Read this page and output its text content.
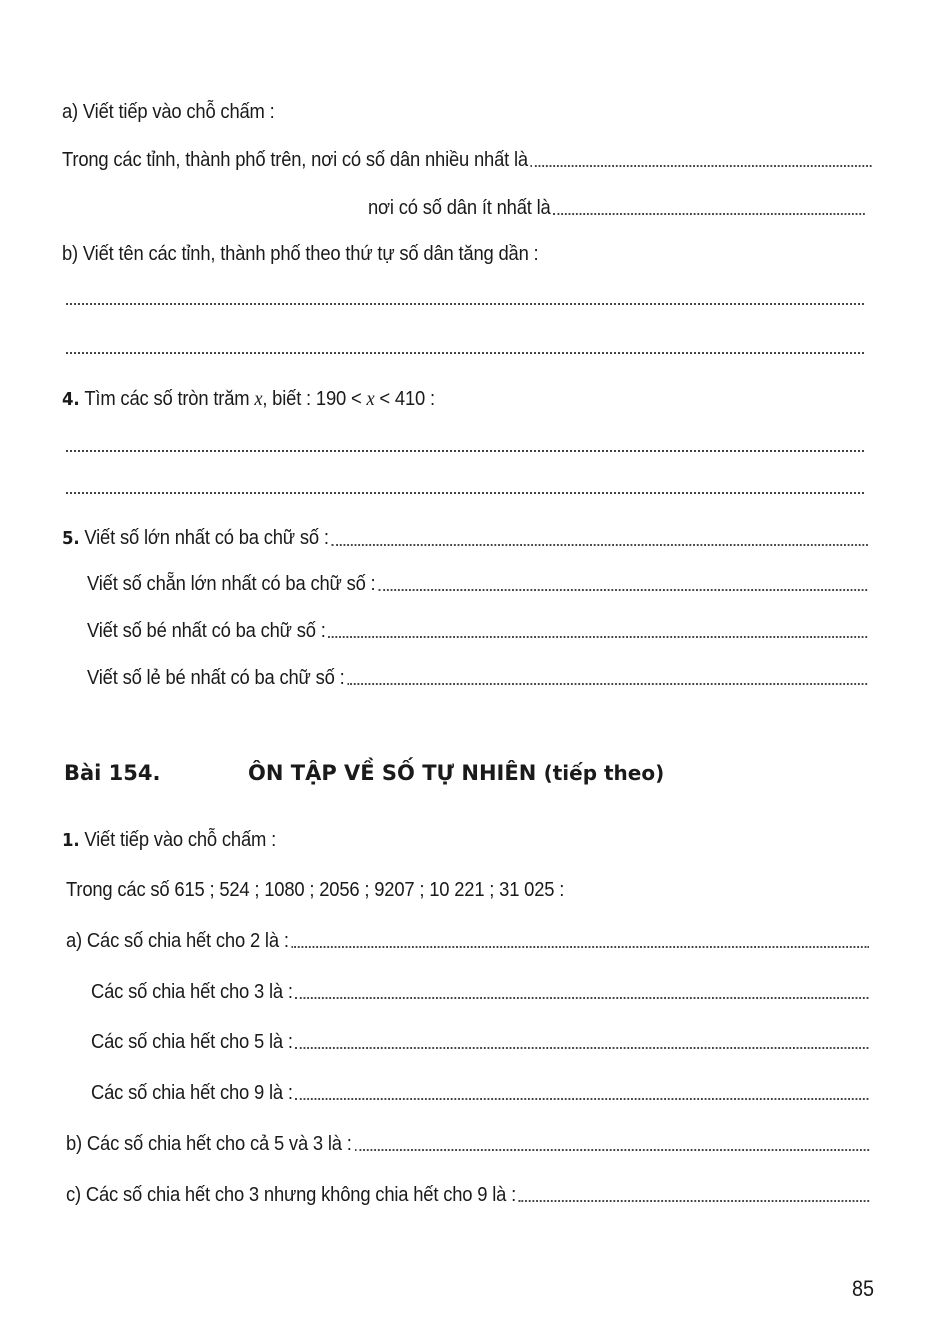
a) Viết tiếp vào chỗ chấm :
Trong các tỉnh, thành phố trên, nơi có số dân nhiều nhất là
nơi có số dân ít nhất là
b) Viết tên các tỉnh, thành phố theo thứ tự số dân tăng dần :
4.
Tìm các số tròn trăm
x , biết : 190 <
x
< 410 :
5.
Viết số lớn nhất có ba chữ số :
Viết số chẵn lớn nhất có ba chữ số :
Viết số bé nhất có ba chữ số :
Viết số lẻ bé nhất có ba chữ số :
Bài 154.	ÔN TẬP VỀ SỐ TỰ NHIÊN (tiếp theo)
1.
Viết tiếp vào chỗ chấm :
Trong các số 615 ; 524 ; 1080 ; 2056 ; 9207 ; 10 221 ; 31 025 :
a) Các số chia hết cho 2 là :
Các số chia hết cho 3 là :
Các số chia hết cho 5 là :
Các số chia hết cho 9 là :
b) Các số chia hết cho cả 5 và 3 là :
c) Các số chia hết cho 3 nhưng không chia hết cho 9 là :
85
